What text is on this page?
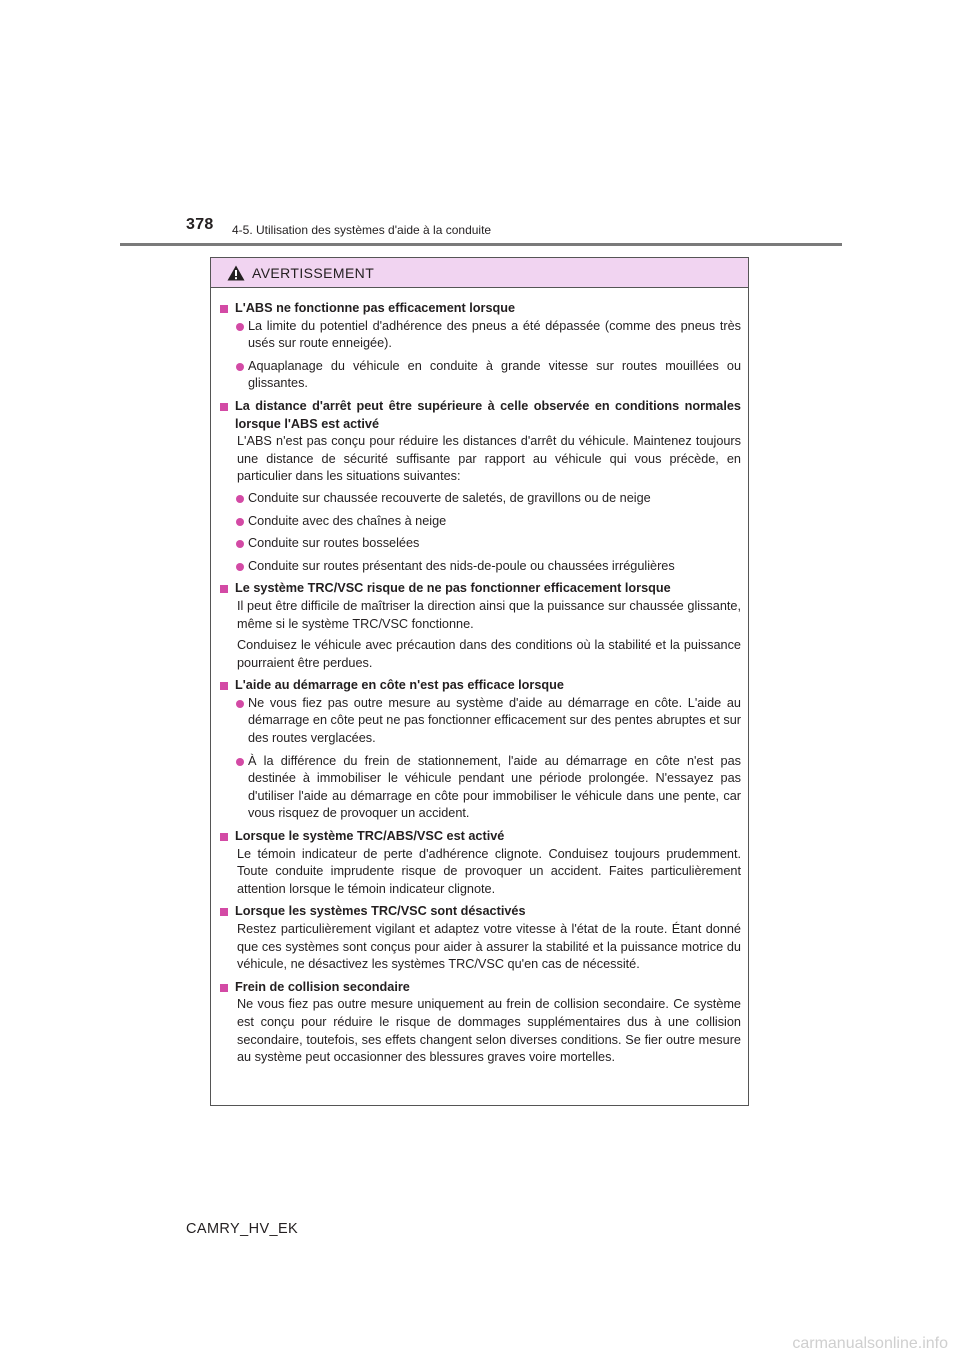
378 4-5. Utilisation des systèmes d'aide à la conduite
AVERTISSEMENT
L'ABS ne fonctionne pas efficacement lorsque
La limite du potentiel d'adhérence des pneus a été dépassée (comme des pneus très usés sur route enneigée).
Aquaplanage du véhicule en conduite à grande vitesse sur routes mouillées ou glissantes.
La distance d'arrêt peut être supérieure à celle observée en conditions normales lorsque l'ABS est activé
L'ABS n'est pas conçu pour réduire les distances d'arrêt du véhicule. Maintenez toujours une distance de sécurité suffisante par rapport au véhicule qui vous précède, en particulier dans les situations suivantes:
Conduite sur chaussée recouverte de saletés, de gravillons ou de neige
Conduite avec des chaînes à neige
Conduite sur routes bosselées
Conduite sur routes présentant des nids-de-poule ou chaussées irrégulières
Le système TRC/VSC risque de ne pas fonctionner efficacement lorsque
Il peut être difficile de maîtriser la direction ainsi que la puissance sur chaussée glissante, même si le système TRC/VSC fonctionne.
Conduisez le véhicule avec précaution dans des conditions où la stabilité et la puissance pourraient être perdues.
L'aide au démarrage en côte n'est pas efficace lorsque
Ne vous fiez pas outre mesure au système d'aide au démarrage en côte. L'aide au démarrage en côte peut ne pas fonctionner efficacement sur des pentes abruptes et sur des routes verglacées.
À la différence du frein de stationnement, l'aide au démarrage en côte n'est pas destinée à immobiliser le véhicule pendant une période prolongée. N'essayez pas d'utiliser l'aide au démarrage en côte pour immobiliser le véhicule dans une pente, car vous risquez de provoquer un accident.
Lorsque le système TRC/ABS/VSC est activé
Le témoin indicateur de perte d'adhérence clignote. Conduisez toujours prudemment. Toute conduite imprudente risque de provoquer un accident. Faites particulièrement attention lorsque le témoin indicateur clignote.
Lorsque les systèmes TRC/VSC sont désactivés
Restez particulièrement vigilant et adaptez votre vitesse à l'état de la route. Étant donné que ces systèmes sont conçus pour aider à assurer la stabilité et la puissance motrice du véhicule, ne désactivez les systèmes TRC/VSC qu'en cas de nécessité.
Frein de collision secondaire
Ne vous fiez pas outre mesure uniquement au frein de collision secondaire. Ce système est conçu pour réduire le risque de dommages supplémentaires dus à une collision secondaire, toutefois, ses effets changent selon diverses conditions. Se fier outre mesure au système peut occasionner des blessures graves voire mortelles.
CAMRY_HV_EK
carmanualsonline.info
